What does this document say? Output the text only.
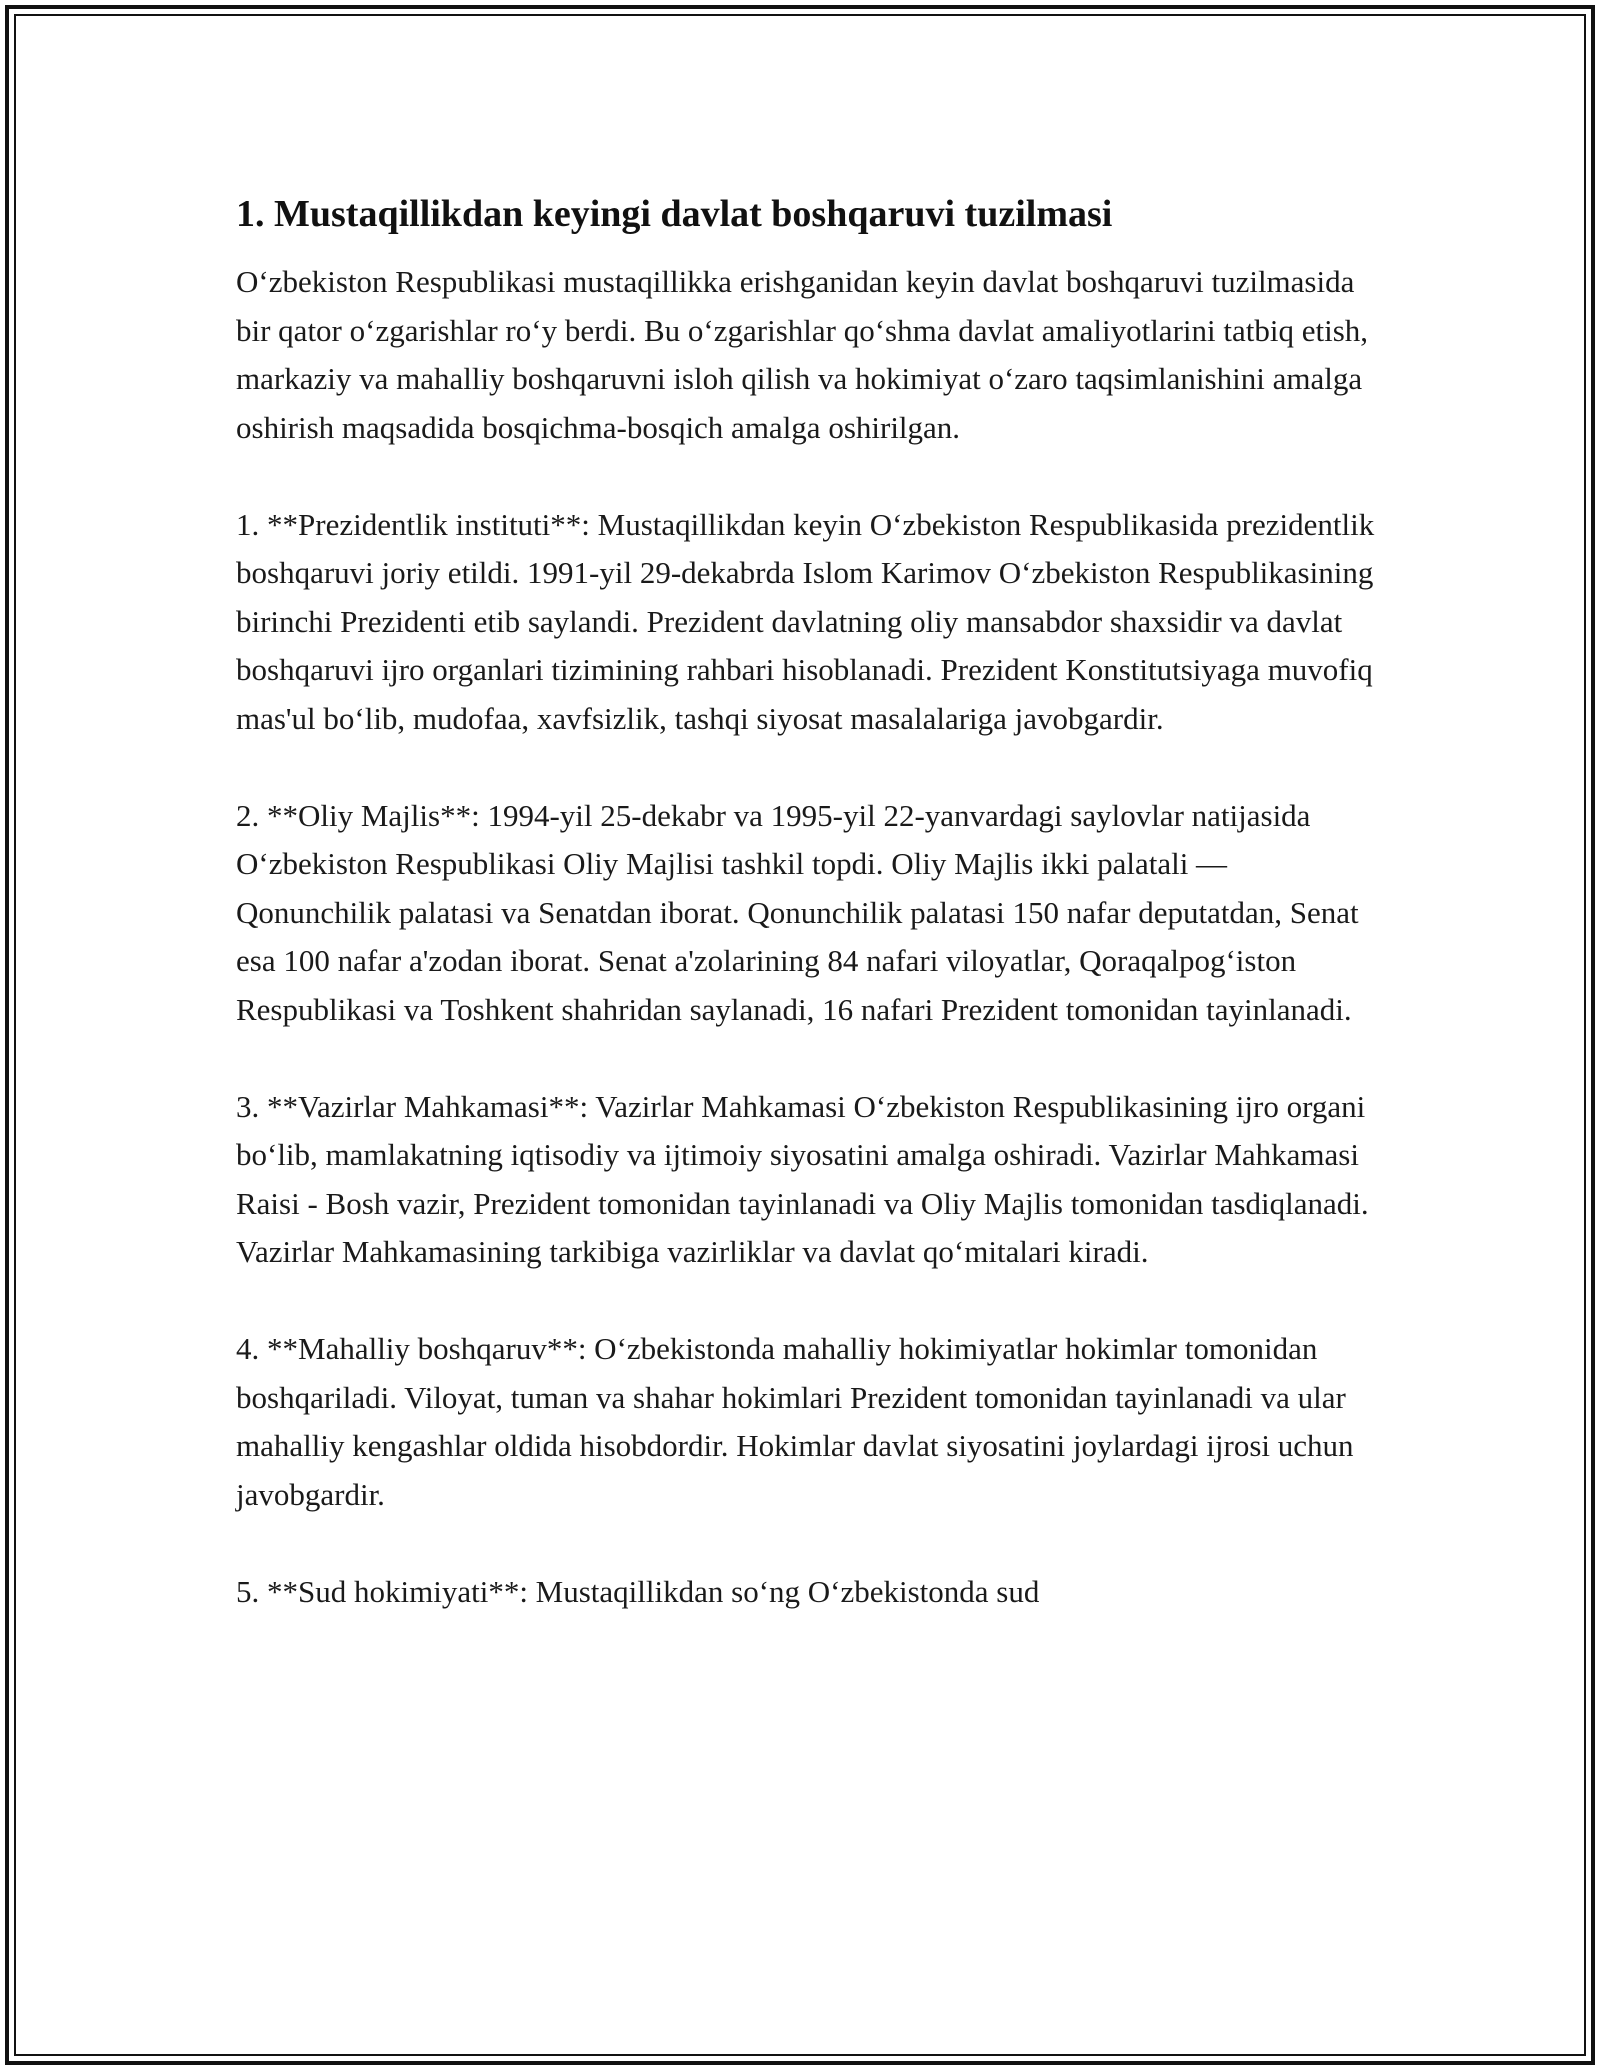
1. Mustaqillikdan keyingi davlat boshqaruvi tuzilmasi

Oʻzbekiston Respublikasi mustaqillikka erishganidan keyin davlat boshqaruvi tuzilmasida bir qator oʻzgarishlar roʻy berdi. Bu oʻzgarishlar qoʻshma davlat amaliyotlarini tatbiq etish, markaziy va mahalliy boshqaruvni isloh qilish va hokimiyat oʻzaro taqsimlanishini amalga oshirish maqsadida bosqichma-bosqich amalga oshirilgan.

1. **Prezidentlik instituti**: Mustaqillikdan keyin Oʻzbekiston Respublikasida prezidentlik boshqaruvi joriy etildi. 1991-yil 29-dekabrda Islom Karimov Oʻzbekiston Respublikasining birinchi Prezidenti etib saylandi. Prezident davlatning oliy mansabdor shaxsidir va davlat boshqaruvi ijro organlari tizimining rahbari hisoblanadi. Prezident Konstitutsiyaga muvofiq mas'ul boʻlib, mudofaa, xavfsizlik, tashqi siyosat masalalariga javobgardir.

2. **Oliy Majlis**: 1994-yil 25-dekabr va 1995-yil 22-yanvardagi saylovlar natijasida Oʻzbekiston Respublikasi Oliy Majlisi tashkil topdi. Oliy Majlis ikki palatali — Qonunchilik palatasi va Senatdan iborat. Qonunchilik palatasi 150 nafar deputatdan, Senat esa 100 nafar a'zodan iborat. Senat a'zolarining 84 nafari viloyatlar, Qoraqalpogʻiston Respublikasi va Toshkent shahridan saylanadi, 16 nafari Prezident tomonidan tayinlanadi.

3. **Vazirlar Mahkamasi**: Vazirlar Mahkamasi Oʻzbekiston Respublikasining ijro organi boʻlib, mamlakatning iqtisodiy va ijtimoiy siyosatini amalga oshiradi. Vazirlar Mahkamasi Raisi - Bosh vazir, Prezident tomonidan tayinlanadi va Oliy Majlis tomonidan tasdiqlanadi. Vazirlar Mahkamasining tarkibiga vazirliklar va davlat qoʻmitalari kiradi.

4. **Mahalliy boshqaruv**: Oʻzbekistonda mahalliy hokimiyatlar hokimlar tomonidan boshqariladi. Viloyat, tuman va shahar hokimlari Prezident tomonidan tayinlanadi va ular mahalliy kengashlar oldida hisobdordir. Hokimlar davlat siyosatini joylardagi ijrosi uchun javobgardir.

5. **Sud hokimiyati**: Mustaqillikdan soʻng Oʻzbekistonda sud
